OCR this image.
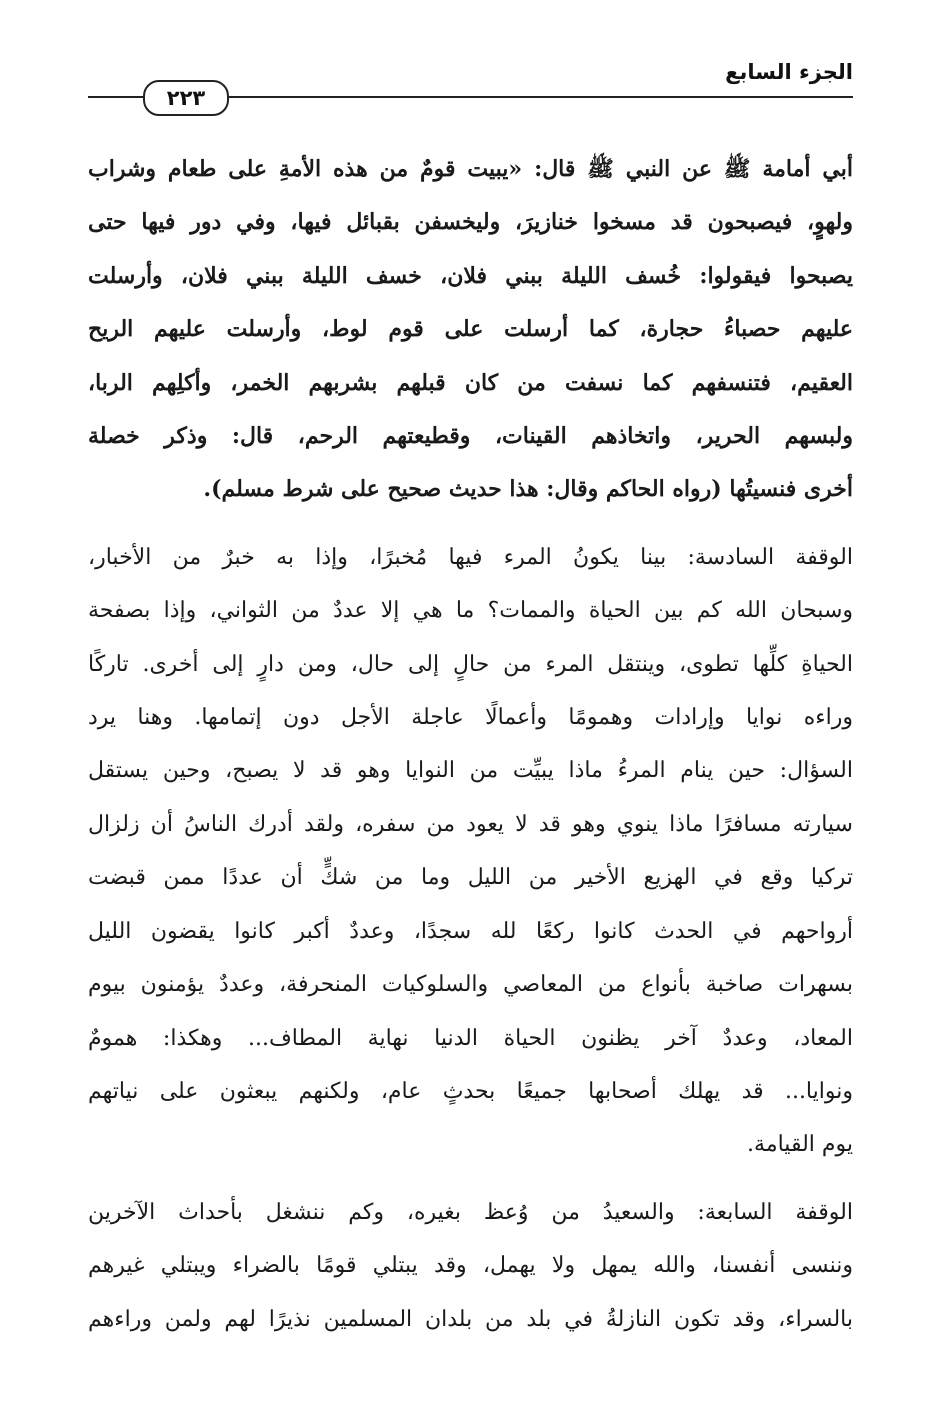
الجزء السابع
٢٢٣
أبي أمامة ﷺ عن النبي ﷺ قال: «يبيت قومٌ من هذه الأمةِ على طعام وشراب
ولهوٍ، فيصبحون قد مسخوا خنازيرَ، وليخسفن بقبائل فيها، وفي دور فيها حتى
يصبحوا فيقولوا: خُسف الليلة ببني فلان، خسف الليلة ببني فلان، وأرسلت
عليهم حصباءُ حجارة، كما أرسلت على قوم لوط، وأرسلت عليهم الريح
العقيم، فتنسفهم كما نسفت من كان قبلهم بشربهم الخمر، وأكلِهم الربا،
ولبسهم الحرير، واتخاذهم القينات، وقطيعتهم الرحم، قال: وذكر خصلة
أخرى فنسيتُها (رواه الحاكم وقال: هذا حديث صحيح على شرط مسلم).
الوقفة السادسة: بينا يكونُ المرء فيها مُخبرًا، وإذا به خبرٌ من الأخبار،
وسبحان الله كم بين الحياة والممات؟ ما هي إلا عددٌ من الثواني، وإذا بصفحة
الحياةِ كلِّها تطوى، وينتقل المرء من حالٍ إلى حال، ومن دارٍ إلى أخرى. تاركًا
وراءه نوايا وإرادات وهمومًا وأعمالًا عاجلة الأجل دون إتمامها. وهنا يرد
السؤال: حين ينام المرءُ ماذا يبيِّت من النوايا وهو قد لا يصبح، وحين يستقل
سيارته مسافرًا ماذا ينوي وهو قد لا يعود من سفره، ولقد أدرك الناسُ أن زلزال
تركيا وقع في الهزيع الأخير من الليل وما من شكٍّ أن عددًا ممن قبضت
أرواحهم في الحدث كانوا ركعًا لله سجدًا، وعددٌ أكبر كانوا يقضون الليل
بسهرات صاخبة بأنواع من المعاصي والسلوكيات المنحرفة، وعددٌ يؤمنون بيوم
المعاد، وعددٌ آخر يظنون الحياة الدنيا نهاية المطاف... وهكذا: همومٌ
ونوايا... قد يهلك أصحابها جميعًا بحدثٍ عام، ولكنهم يبعثون على نياتهم
يوم القيامة.
الوقفة السابعة: والسعيدُ من وُعظ بغيره، وكم ننشغل بأحداث الآخرين
وننسى أنفسنا، والله يمهل ولا يهمل، وقد يبتلي قومًا بالضراء ويبتلي غيرهم
بالسراء، وقد تكون النازلةُ في بلد من بلدان المسلمين نذيرًا لهم ولمن وراءهم
